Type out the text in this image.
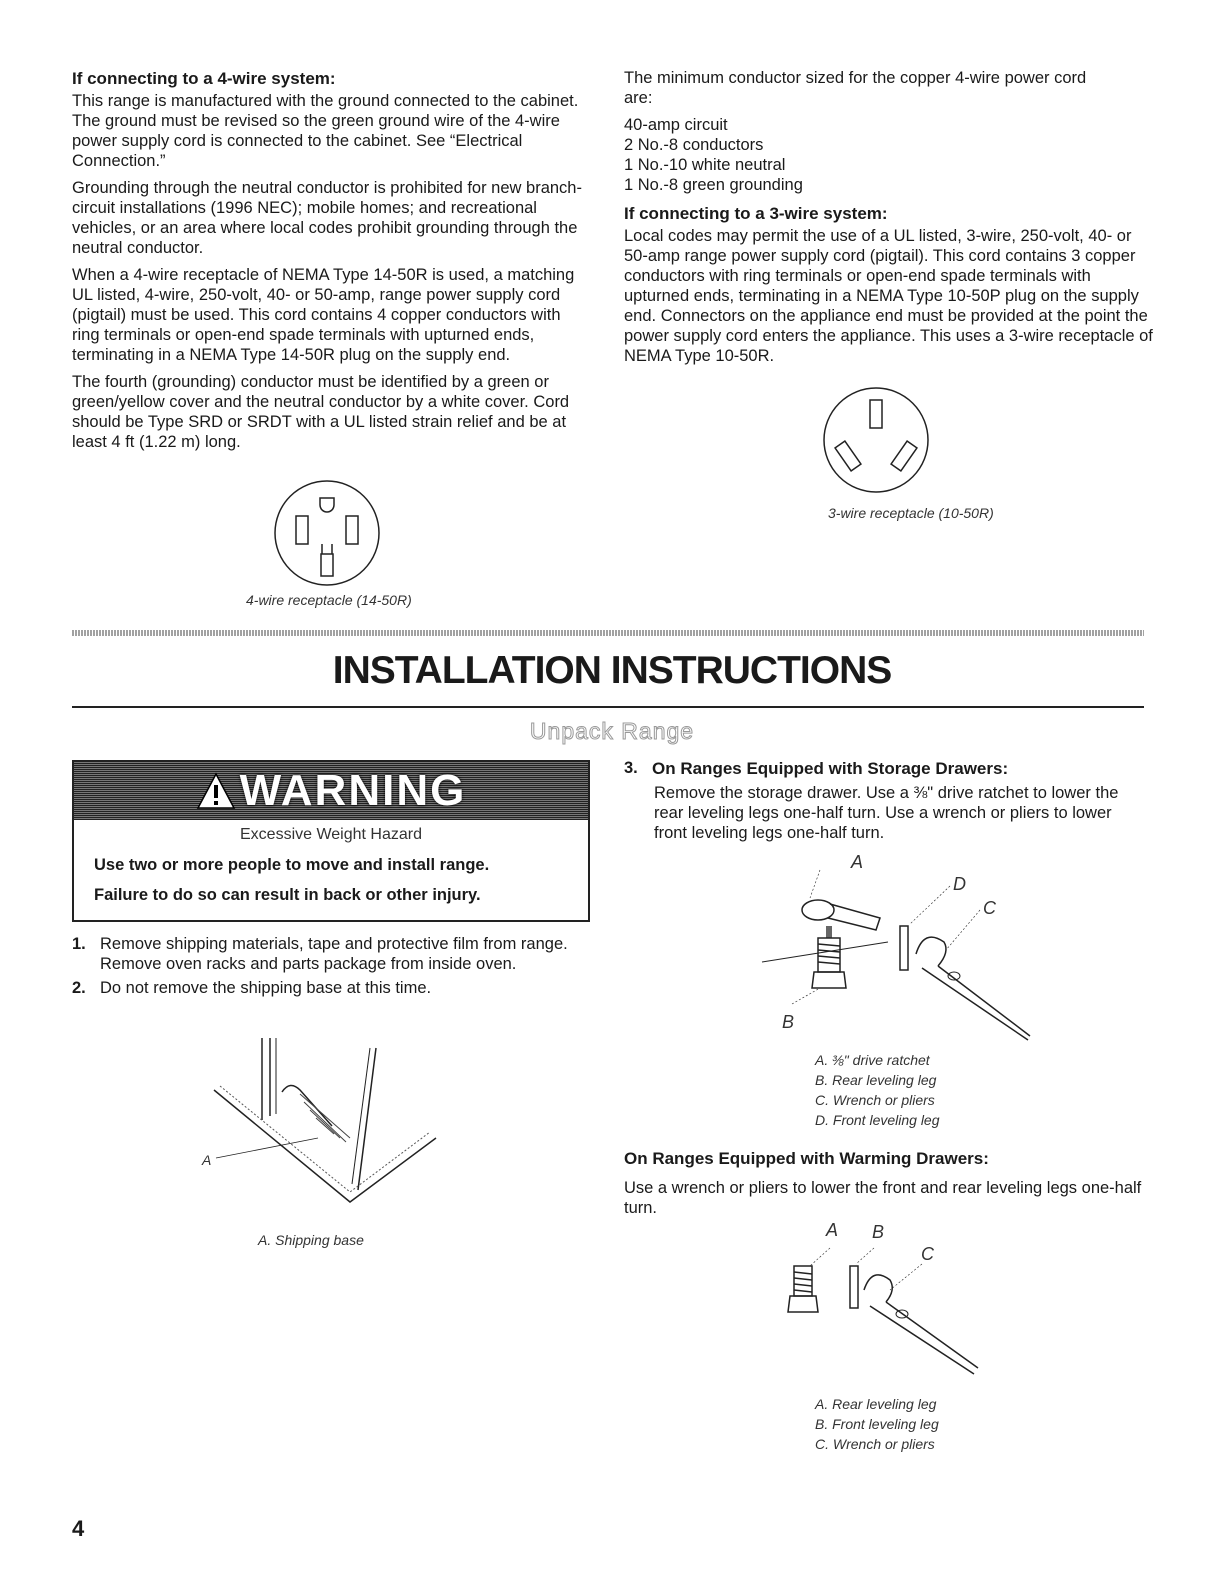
If connecting to a 4-wire system:

This range is manufactured with the ground connected to the cabinet. The ground must be revised so the green ground wire of the 4-wire power supply cord is connected to the cabinet. See “Electrical Connection.”

Grounding through the neutral conductor is prohibited for new branch-circuit installations (1996 NEC); mobile homes; and recreational vehicles, or an area where local codes prohibit grounding through the neutral conductor.

When a 4-wire receptacle of NEMA Type 14-50R is used, a matching UL listed, 4-wire, 250-volt, 40- or 50-amp, range power supply cord (pigtail) must be used. This cord contains 4 copper conductors with ring terminals or open-end spade terminals with upturned ends, terminating in a NEMA Type 14-50R plug on the supply end.

The fourth (grounding) conductor must be identified by a green or green/yellow cover and the neutral conductor by a white cover. Cord should be Type SRD or SRDT with a UL listed strain relief and be at least 4 ft (1.22 m) long.

4-wire receptacle (14-50R)

The minimum conductor sized for the copper 4-wire power cord are:

40-amp circuit

2 No.-8 conductors

1 No.-10 white neutral

1 No.-8 green grounding

If connecting to a 3-wire system:

Local codes may permit the use of a UL listed, 3-wire, 250-volt, 40- or 50-amp range power supply cord (pigtail). This cord contains 3 copper conductors with ring terminals or open-end spade terminals with upturned ends, terminating in a NEMA Type 10-50P plug on the supply end. Connectors on the appliance end must be provided at the point the power supply cord enters the appliance. This uses a 3-wire receptacle of NEMA Type 10-50R.

3-wire receptacle (10-50R)
INSTALLATION INSTRUCTIONS
Unpack Range
WARNING
Excessive Weight Hazard
Use two or more people to move and install range.
Failure to do so can result in back or other injury.
1. Remove shipping materials, tape and protective film from range. Remove oven racks and parts package from inside oven.
2. Do not remove the shipping base at this time.
A
A. Shipping base
3. On Ranges Equipped with Storage Drawers:

Remove the storage drawer. Use a ⅜" drive ratchet to lower the rear leveling legs one-half turn. Use a wrench or pliers to lower front leveling legs one-half turn.

A
D
C
B
A. ⅜" drive ratchet
B. Rear leveling leg
C. Wrench or pliers
D. Front leveling leg
On Ranges Equipped with Warming Drawers:
Use a wrench or pliers to lower the front and rear leveling legs one-half turn.
A B
C
A. Rear leveling leg
B. Front leveling leg
C. Wrench or pliers
4
